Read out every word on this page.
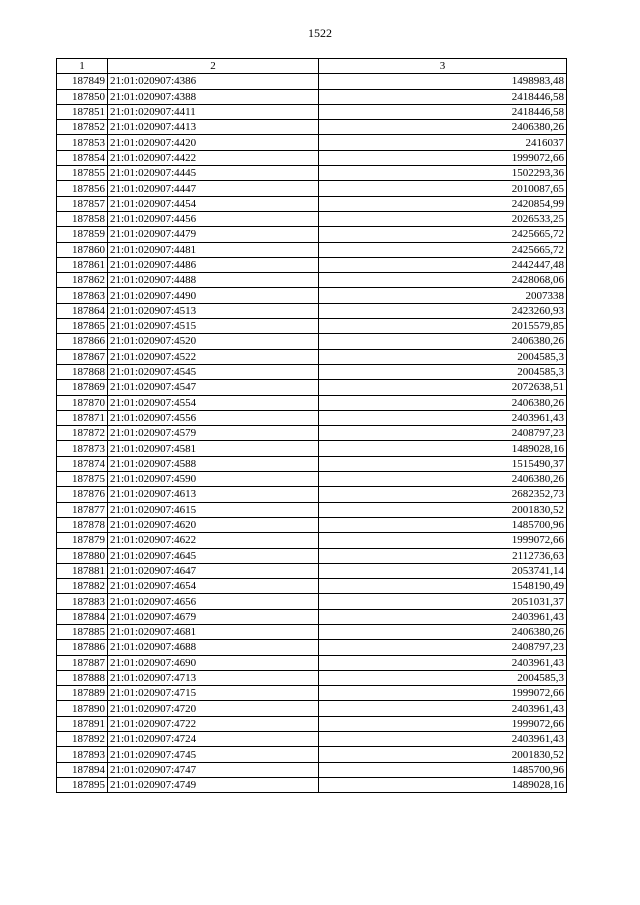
1522
1	2	3
187849	21:01:020907:4386	1498983,48
187850	21:01:020907:4388	2418446,58
187851	21:01:020907:4411	2418446,58
187852	21:01:020907:4413	2406380,26
187853	21:01:020907:4420	2416037
187854	21:01:020907:4422	1999072,66
187855	21:01:020907:4445	1502293,36
187856	21:01:020907:4447	2010087,65
187857	21:01:020907:4454	2420854,99
187858	21:01:020907:4456	2026533,25
187859	21:01:020907:4479	2425665,72
187860	21:01:020907:4481	2425665,72
187861	21:01:020907:4486	2442447,48
187862	21:01:020907:4488	2428068,06
187863	21:01:020907:4490	2007338
187864	21:01:020907:4513	2423260,93
187865	21:01:020907:4515	2015579,85
187866	21:01:020907:4520	2406380,26
187867	21:01:020907:4522	2004585,3
187868	21:01:020907:4545	2004585,3
187869	21:01:020907:4547	2072638,51
187870	21:01:020907:4554	2406380,26
187871	21:01:020907:4556	2403961,43
187872	21:01:020907:4579	2408797,23
187873	21:01:020907:4581	1489028,16
187874	21:01:020907:4588	1515490,37
187875	21:01:020907:4590	2406380,26
187876	21:01:020907:4613	2682352,73
187877	21:01:020907:4615	2001830,52
187878	21:01:020907:4620	1485700,96
187879	21:01:020907:4622	1999072,66
187880	21:01:020907:4645	2112736,63
187881	21:01:020907:4647	2053741,14
187882	21:01:020907:4654	1548190,49
187883	21:01:020907:4656	2051031,37
187884	21:01:020907:4679	2403961,43
187885	21:01:020907:4681	2406380,26
187886	21:01:020907:4688	2408797,23
187887	21:01:020907:4690	2403961,43
187888	21:01:020907:4713	2004585,3
187889	21:01:020907:4715	1999072,66
187890	21:01:020907:4720	2403961,43
187891	21:01:020907:4722	1999072,66
187892	21:01:020907:4724	2403961,43
187893	21:01:020907:4745	2001830,52
187894	21:01:020907:4747	1485700,96
187895	21:01:020907:4749	1489028,16
